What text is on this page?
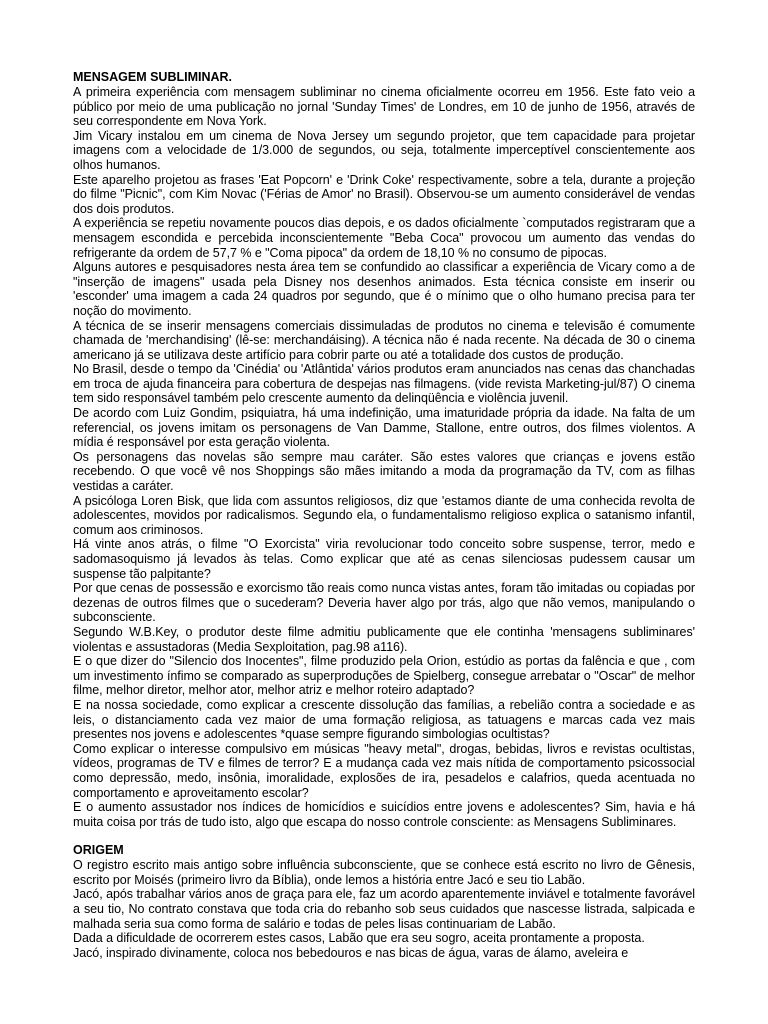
MENSAGEM SUBLIMINAR.

A primeira experiência com mensagem subliminar no cinema oficialmente ocorreu em 1956. Este fato veio a público por meio de uma publicação no jornal 'Sunday Times' de Londres, em 10 de junho de 1956, através de seu correspondente em Nova York.

Jim Vicary instalou em um cinema de Nova Jersey um segundo projetor, que tem capacidade para projetar imagens com a velocidade de 1/3.000 de segundos, ou seja, totalmente imperceptível conscientemente aos olhos humanos.

Este aparelho projetou as frases 'Eat Popcorn' e 'Drink Coke' respectivamente, sobre a tela, durante a projeção do filme "Picnic", com Kim Novac ('Férias de Amor' no Brasil). Observou-se um aumento considerável de vendas dos dois produtos.

A experiência se repetiu novamente poucos dias depois, e os dados oficialmente `computados registraram que a mensagem escondida e percebida inconscientemente "Beba Coca" provocou um aumento das vendas do refrigerante da ordem de 57,7 % e "Coma pipoca" da ordem de 18,10 % no consumo de pipocas.

Alguns autores e pesquisadores nesta área tem se confundido ao classificar a experiência de Vicary como a de "inserção de imagens" usada pela Disney nos desenhos animados. Esta técnica consiste em inserir ou 'esconder' uma imagem a cada 24 quadros por segundo, que é o mínimo que o olho humano precisa para ter noção do movimento.

A técnica de se inserir mensagens comerciais dissimuladas de produtos no cinema e televisão é comumente chamada de 'merchandising' (lê-se: merchandáising). A técnica não é nada recente. Na década de 30 o cinema americano já se utilizava deste artifício para cobrir parte ou até a totalidade dos custos de produção.

No Brasil, desde o tempo da 'Cinédia' ou 'Atlântida' vários produtos eram anunciados nas cenas das chanchadas em troca de ajuda financeira para cobertura de despejas nas filmagens. (vide revista Marketing-jul/87) O cinema tem sido responsável também pelo crescente aumento da delinqüência e violência juvenil.

De acordo com Luiz Gondim, psiquiatra, há uma indefinição, uma imaturidade própria da idade. Na falta de um referencial, os jovens imitam os personagens de Van Damme, Stallone, entre outros, dos filmes violentos. A mídia é responsável por esta geração violenta.

Os personagens das novelas são sempre mau caráter. São estes valores que crianças e jovens estão recebendo. O que você vê nos Shoppings são mães imitando a moda da programação da TV, com as filhas vestidas a caráter.

A psicóloga Loren Bisk, que lida com assuntos religiosos, diz que 'estamos diante de uma conhecida revolta de adolescentes, movidos por radicalismos. Segundo ela, o fundamentalismo religioso explica o satanismo infantil, comum aos criminosos.

Há vinte anos atrás, o filme "O Exorcista" viria revolucionar todo conceito sobre suspense, terror, medo e sadomasoquismo já levados às telas. Como explicar que até as cenas silenciosas pudessem causar um suspense tão palpitante?

Por que cenas de possessão e exorcismo tão reais como nunca vistas antes, foram tão imitadas ou copiadas por dezenas de outros filmes que o sucederam? Deveria haver algo por trás, algo que não vemos, manipulando o subconsciente.

Segundo W.B.Key, o produtor deste filme admitiu publicamente que ele continha 'mensagens subliminares' violentas e assustadoras (Media Sexploitation, pag.98 a116).

E o que dizer do "Silencio dos Inocentes", filme produzido pela Orion, estúdio as portas da falência e que , com um investimento ínfimo se comparado as superproduções de Spielberg, consegue arrebatar o "Oscar" de melhor filme, melhor diretor, melhor ator, melhor atriz e melhor roteiro adaptado?

E na nossa sociedade, como explicar a crescente dissolução das famílias, a rebelião contra a sociedade e as leis, o distanciamento cada vez maior de uma formação religiosa, as tatuagens e marcas cada vez mais presentes nos jovens e adolescentes *quase sempre figurando simbologias ocultistas?

Como explicar o interesse compulsivo em músicas "heavy metal", drogas, bebidas, livros e revistas ocultistas, vídeos, programas de TV e filmes de terror? E a mudança cada vez mais nítida de comportamento psicossocial como depressão, medo, insônia, imoralidade, explosões de ira, pesadelos e calafrios, queda acentuada no comportamento e aproveitamento escolar?

E o aumento assustador nos índices de homicídios e suicídios entre jovens e adolescentes? Sim, havia e há muita coisa por trás de tudo isto, algo que escapa do nosso controle consciente: as Mensagens Subliminares.

ORIGEM

O registro escrito mais antigo sobre influência subconsciente, que se conhece está escrito no livro de Gênesis, escrito por Moisés (primeiro livro da Bíblia), onde lemos a história entre Jacó e seu tio Labão.

Jacó, após trabalhar vários anos de graça para ele, faz um acordo aparentemente inviável e totalmente favorável a seu tio, No contrato constava que toda cria do rebanho sob seus cuidados que nascesse listrada, salpicada e malhada seria sua como forma de salário e todas de peles lisas continuariam de Labão.

Dada a dificuldade de ocorrerem estes casos, Labão que era seu sogro, aceita prontamente a proposta.

Jacó, inspirado divinamente, coloca nos bebedouros e nas bicas de água, varas de álamo, aveleira e
